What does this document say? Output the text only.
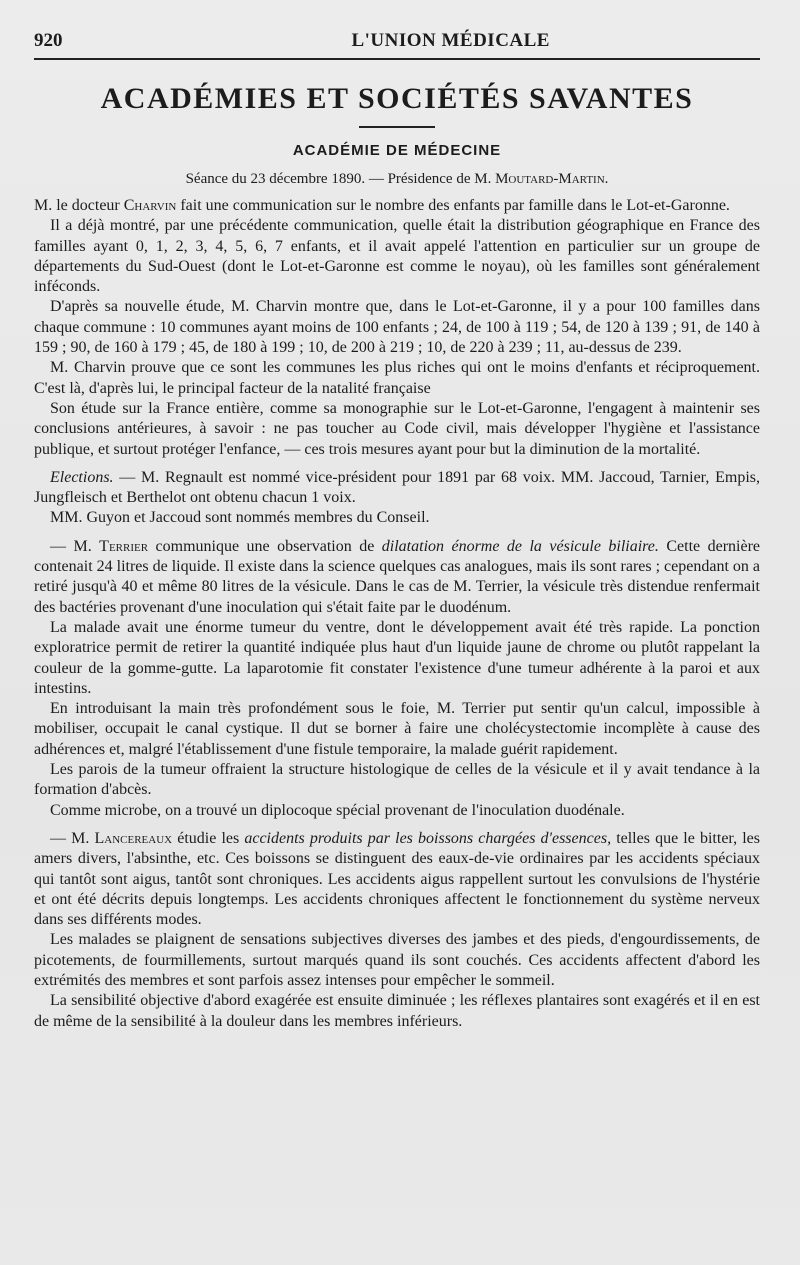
920	L'UNION MÉDICALE
ACADÉMIES ET SOCIÉTÉS SAVANTES
ACADÉMIE DE MÉDECINE
Séance du 23 décembre 1890. — Présidence de M. Moutard-Martin.

M. le docteur Charvin fait une communication sur le nombre des enfants par famille dans le Lot-et-Garonne.

Il a déjà montré, par une précédente communication, quelle était la distribution géographique en France des familles ayant 0, 1, 2, 3, 4, 5, 6, 7 enfants, et il avait appelé l'attention en particulier sur un groupe de départements du Sud-Ouest (dont le Lot-et-Garonne est comme le noyau), où les familles sont généralement inféconds.

D'après sa nouvelle étude, M. Charvin montre que, dans le Lot-et-Garonne, il y a pour 100 familles dans chaque commune : 10 communes ayant moins de 100 enfants ; 24, de 100 à 119 ; 54, de 120 à 139 ; 91, de 140 à 159 ; 90, de 160 à 179 ; 45, de 180 à 199 ; 10, de 200 à 219 ; 10, de 220 à 239 ; 11, au-dessus de 239.

M. Charvin prouve que ce sont les communes les plus riches qui ont le moins d'enfants et réciproquement. C'est là, d'après lui, le principal facteur de la natalité française

Son étude sur la France entière, comme sa monographie sur le Lot-et-Garonne, l'engagent à maintenir ses conclusions antérieures, à savoir : ne pas toucher au Code civil, mais développer l'hygiène et l'assistance publique, et surtout protéger l'enfance, — ces trois mesures ayant pour but la diminution de la mortalité.

Elections. — M. Regnault est nommé vice-président pour 1891 par 68 voix. MM. Jaccoud, Tarnier, Empis, Jungfleisch et Berthelot ont obtenu chacun 1 voix.

MM. Guyon et Jaccoud sont nommés membres du Conseil.

— M. Terrier communique une observation de dilatation énorme de la vésicule biliaire. Cette dernière contenait 24 litres de liquide. Il existe dans la science quelques cas analogues, mais ils sont rares ; cependant on a retiré jusqu'à 40 et même 80 litres de la vésicule. Dans le cas de M. Terrier, la vésicule très distendue renfermait des bactéries provenant d'une inoculation qui s'était faite par le duodénum.

La malade avait une énorme tumeur du ventre, dont le développement avait été très rapide. La ponction exploratrice permit de retirer la quantité indiquée plus haut d'un liquide jaune de chrome ou plutôt rappelant la couleur de la gomme-gutte. La laparotomie fit constater l'existence d'une tumeur adhérente à la paroi et aux intestins.

En introduisant la main très profondément sous le foie, M. Terrier put sentir qu'un calcul, impossible à mobiliser, occupait le canal cystique. Il dut se borner à faire une cholécystectomie incomplète à cause des adhérences et, malgré l'établissement d'une fistule temporaire, la malade guérit rapidement.

Les parois de la tumeur offraient la structure histologique de celles de la vésicule et il y avait tendance à la formation d'abcès.

Comme microbe, on a trouvé un diplocoque spécial provenant de l'inoculation duodénale.

— M. Lancereaux étudie les accidents produits par les boissons chargées d'essences, telles que le bitter, les amers divers, l'absinthe, etc. Ces boissons se distinguent des eaux-de-vie ordinaires par les accidents spéciaux qui tantôt sont aigus, tantôt sont chroniques. Les accidents aigus rappellent surtout les convulsions de l'hystérie et ont été décrits depuis longtemps. Les accidents chroniques affectent le fonctionnement du système nerveux dans ses différents modes.

Les malades se plaignent de sensations subjectives diverses des jambes et des pieds, d'engourdissements, de picotements, de fourmillements, surtout marqués quand ils sont couchés. Ces accidents affectent d'abord les extrémités des membres et sont parfois assez intenses pour empêcher le sommeil.

La sensibilité objective d'abord exagérée est ensuite diminuée ; les réflexes plantaires sont exagérés et il en est de même de la sensibilité à la douleur dans les membres inférieurs.
